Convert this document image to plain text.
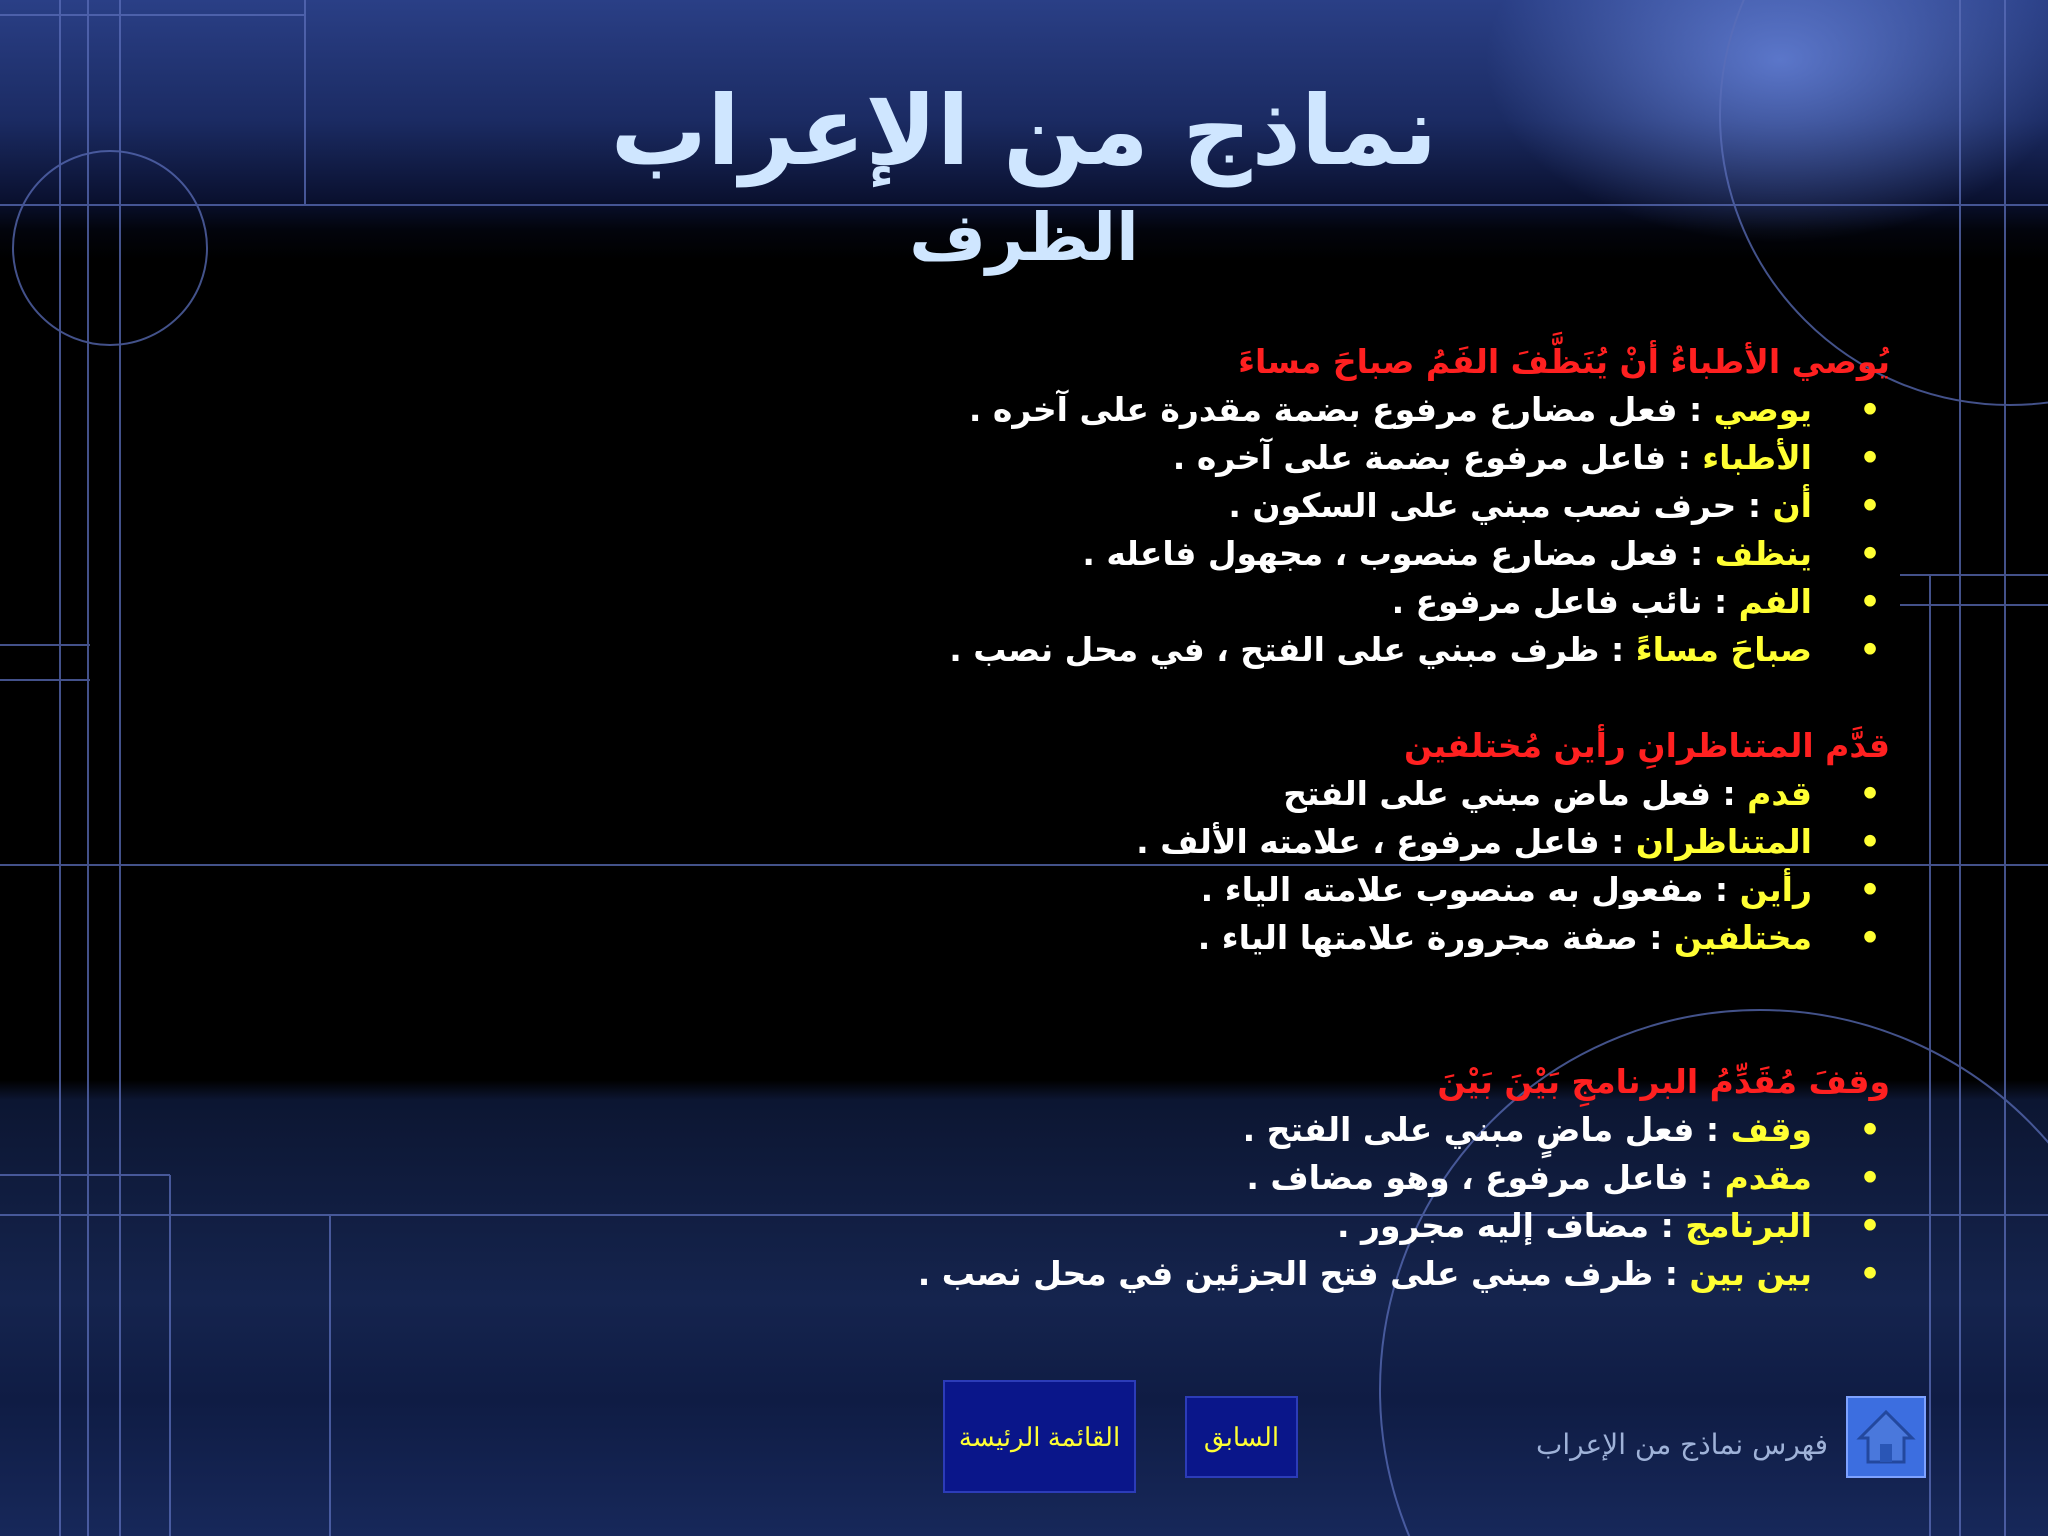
نماذج من الإعراب
الظرف
يُوصي الأطباءُ أنْ يُنَظَّفَ الفَمُ صباحَ مساءَ
•
يوصي : فعل مضارع مرفوع بضمة مقدرة على آخره .
•
الأطباء : فاعل مرفوع بضمة على آخره .
•
أن : حرف نصب مبني على السكون .
•
ينظف : فعل مضارع منصوب ، مجهول فاعله .
•
الفم : نائب فاعل مرفوع .
•
صباحَ مساءً : ظرف مبني على الفتح ، في محل نصب .
قدَّم المتناظرانِ رأين مُختلفين
•
قدم : فعل ماض مبني على الفتح
•
المتناظران : فاعل مرفوع ، علامته الألف .
•
رأين : مفعول به منصوب علامته الياء .
•
مختلفين : صفة مجرورة علامتها الياء .
وقفَ مُقَدِّمُ البرنامجِ بَيْنَ بَيْنَ
•
وقف : فعل ماضٍ مبني على الفتح .
•
مقدم : فاعل مرفوع ، وهو مضاف .
•
البرنامج : مضاف إليه مجرور .
•
بين بين : ظرف مبني على فتح الجزئين في محل نصب .
القائمة الرئيسة	السابق	فهرس نماذج من الإعراب
